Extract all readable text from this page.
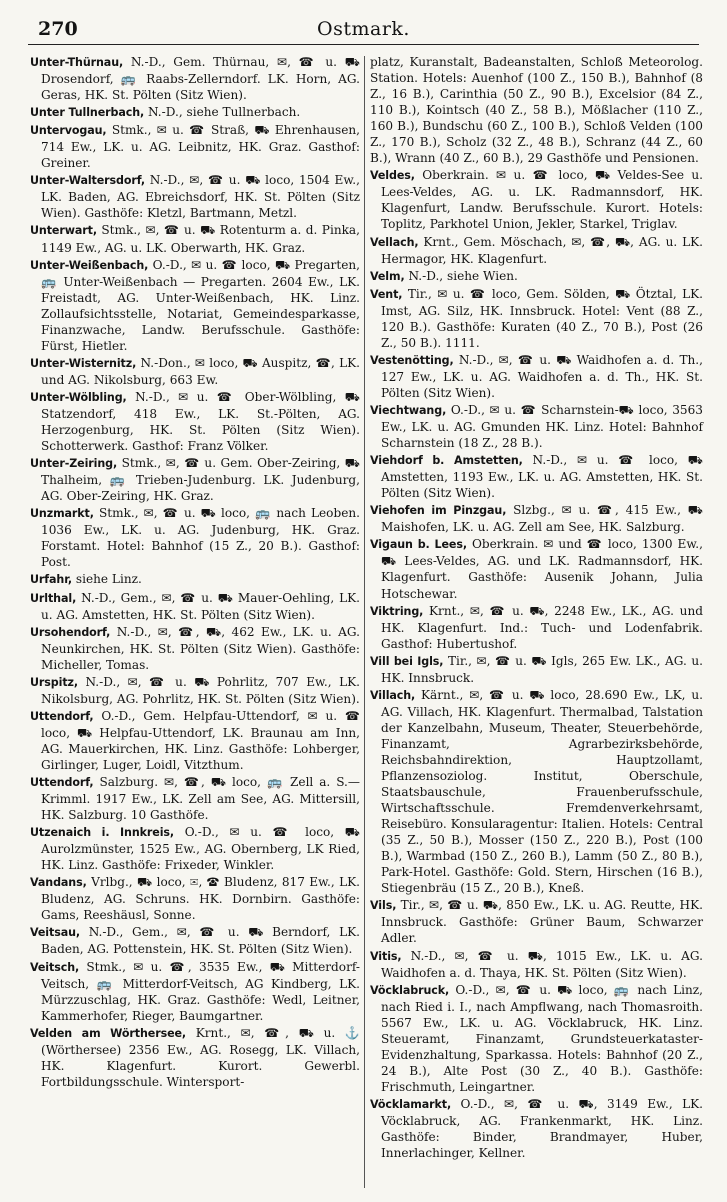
270	Ostmark.
Unter-Thürnau, N.-D., Gem. Thürnau, ✉, ☎ u. ⛟ Drosendorf, 🚌 Raabs-Zellerndorf. LK. Horn, AG. Geras, HK. St. Pölten (Sitz Wien).
Unter Tullnerbach, N.-D., siehe Tullnerbach.
Untervogau, Stmk., ✉ u. ☎ Straß, ⛟ Ehrenhausen, 714 Ew., LK. u. AG. Leibnitz, HK. Graz. Gasthof: Greiner.
Unter-Waltersdorf, N.-D., ✉, ☎ u. ⛟ loco, 1504 Ew., LK. Baden, AG. Ebreichsdorf, HK. St. Pölten (Sitz Wien). Gasthöfe: Kletzl, Bartmann, Metzl.
Unterwart, Stmk., ✉, ☎ u. ⛟ Rotenturm a. d. Pinka, 1149 Ew., AG. u. LK. Oberwarth, HK. Graz.
Unter-Weißenbach, O.-D., ✉ u. ☎ loco, ⛟ Pregarten, 🚌 Unter-Weißenbach — Pregarten. 2604 Ew., LK. Freistadt, AG. Unter-Weißenbach, HK. Linz. Zollaufsichtsstelle, Notariat, Gemeindesparkasse, Finanzwache, Landw. Berufsschule. Gasthöfe: Fürst, Hietler.
Unter-Wisternitz, N.-Don., ✉ loco, ⛟ Auspitz, ☎, LK. und AG. Nikolsburg, 663 Ew.
Unter-Wölbling, N.-D., ✉ u. ☎ Ober-Wölbling, ⛟ Statzendorf, 418 Ew., LK. St.-Pölten, AG. Herzogenburg, HK. St. Pölten (Sitz Wien). Schotterwerk. Gasthof: Franz Völker.
Unter-Zeiring, Stmk., ✉, ☎ u. Gem. Ober-Zeiring, ⛟ Thalheim, 🚌 Trieben-Judenburg. LK. Judenburg, AG. Ober-Zeiring, HK. Graz.
Unzmarkt, Stmk., ✉, ☎ u. ⛟ loco, 🚌 nach Leoben. 1036 Ew., LK. u. AG. Judenburg, HK. Graz. Forstamt. Hotel: Bahnhof (15 Z., 20 B.). Gasthof: Post.
Urfahr, siehe Linz.
Urlthal, N.-D., Gem., ✉, ☎ u. ⛟ Mauer-Oehling, LK. u. AG. Amstetten, HK. St. Pölten (Sitz Wien).
Ursohendorf, N.-D., ✉, ☎, ⛟, 462 Ew., LK. u. AG. Neunkirchen, HK. St. Pölten (Sitz Wien). Gasthöfe: Micheller, Tomas.
Urspitz, N.-D., ✉, ☎ u. ⛟ Pohrlitz, 707 Ew., LK. Nikolsburg, AG. Pohrlitz, HK. St. Pölten (Sitz Wien).
Uttendorf, O.-D., Gem. Helpfau-Uttendorf, ✉ u. ☎ loco, ⛟ Helpfau-Uttendorf, LK. Braunau am Inn, AG. Mauerkirchen, HK. Linz. Gasthöfe: Lohberger, Girlinger, Luger, Loidl, Vitzthum.
Uttendorf, Salzburg. ✉, ☎, ⛟ loco, 🚌 Zell a. S.—Krimml. 1917 Ew., LK. Zell am See, AG. Mittersill, HK. Salzburg. 10 Gasthöfe.
Utzenaich i. Innkreis, O.-D., ✉ u. ☎ loco, ⛟ Aurolzmünster, 1525 Ew., AG. Obernberg, LK Ried, HK. Linz. Gasthöfe: Frixeder, Winkler.
Vandans, Vrlbg., ⛟ loco, ✉, ☎ Bludenz, 817 Ew., LK. Bludenz, AG. Schruns. HK. Dornbirn. Gasthöfe: Gams, Reeshäusl, Sonne.
Veitsau, N.-D., Gem., ✉, ☎ u. ⛟ Berndorf, LK. Baden, AG. Pottenstein, HK. St. Pölten (Sitz Wien).
Veitsch, Stmk., ✉ u. ☎, 3535 Ew., ⛟ Mitterdorf-Veitsch, 🚌 Mitterdorf-Veitsch, AG Kindberg, LK. Mürzzuschlag, HK. Graz. Gasthöfe: Wedl, Leitner, Kammerhofer, Rieger, Baumgartner.
Velden am Wörthersee, Krnt., ✉, ☎, ⛟ u. ⚓ (Wörthersee) 2356 Ew., AG. Rosegg, LK. Villach, HK. Klagenfurt. Kurort. Gewerbl. Fortbildungsschule. Wintersport-
platz, Kuranstalt, Badeanstalten, Schloß Meteorolog. Station. Hotels: Auenhof (100 Z., 150 B.), Bahnhof (8 Z., 16 B.), Carinthia (50 Z., 90 B.), Excelsior (84 Z., 110 B.), Kointsch (40 Z., 58 B.), Mößlacher (110 Z., 160 B.), Bundschu (60 Z., 100 B.), Schloß Velden (100 Z., 170 B.), Scholz (32 Z., 48 B.), Schranz (44 Z., 60 B.), Wrann (40 Z., 60 B.), 29 Gasthöfe und Pensionen.
Veldes, Oberkrain. ✉ u. ☎ loco, ⛟ Veldes-See u. Lees-Veldes, AG. u. LK. Radmannsdorf, HK. Klagenfurt, Landw. Berufsschule. Kurort. Hotels: Toplitz, Parkhotel Union, Jekler, Starkel, Triglav.
Vellach, Krnt., Gem. Möschach, ✉, ☎, ⛟, AG. u. LK. Hermagor, HK. Klagenfurt.
Velm, N.-D., siehe Wien.
Vent, Tir., ✉ u. ☎ loco, Gem. Sölden, ⛟ Ötztal, LK. Imst, AG. Silz, HK. Innsbruck. Hotel: Vent (88 Z., 120 B.). Gasthöfe: Kuraten (40 Z., 70 B.), Post (26 Z., 50 B.). 1111.
Vestenötting, N.-D., ✉, ☎ u. ⛟ Waidhofen a. d. Th., 127 Ew., LK. u. AG. Waidhofen a. d. Th., HK. St. Pölten (Sitz Wien).
Viechtwang, O.-D., ✉ u. ☎ Scharnstein-⛟ loco, 3563 Ew., LK. u. AG. Gmunden HK. Linz. Hotel: Bahnhof Scharnstein (18 Z., 28 B.).
Viehdorf b. Amstetten, N.-D., ✉ u. ☎ loco, ⛟ Amstetten, 1193 Ew., LK. u. AG. Amstetten, HK. St. Pölten (Sitz Wien).
Viehofen im Pinzgau, Slzbg., ✉ u. ☎, 415 Ew., ⛟ Maishofen, LK. u. AG. Zell am See, HK. Salzburg.
Vigaun b. Lees, Oberkrain. ✉ und ☎ loco, 1300 Ew., ⛟ Lees-Veldes, AG. und LK. Radmannsdorf, HK. Klagenfurt. Gasthöfe: Ausenik Johann, Julia Hotschewar.
Viktring, Krnt., ✉, ☎ u. ⛟, 2248 Ew., LK., AG. und HK. Klagenfurt. Ind.: Tuch- und Lodenfabrik. Gasthof: Hubertushof.
Vill bei Igls, Tir., ✉, ☎ u. ⛟ Igls, 265 Ew. LK., AG. u. HK. Innsbruck.
Villach, Kärnt., ✉, ☎ u. ⛟ loco, 28.690 Ew., LK, u. AG. Villach, HK. Klagenfurt. Thermalbad, Talstation der Kanzelbahn, Museum, Theater, Steuerbehörde, Finanzamt, Agrarbezirksbehörde, Reichsbahndirektion, Hauptzollamt, Pflanzensoziolog. Institut, Oberschule, Staatsbauschule, Frauenberufsschule, Wirtschaftsschule. Fremdenverkehrsamt, Reisebüro. Konsularagentur: Italien. Hotels: Central (35 Z., 50 B.), Mosser (150 Z., 220 B.), Post (100 B.), Warmbad (150 Z., 260 B.), Lamm (50 Z., 80 B.), Park-Hotel. Gasthöfe: Gold. Stern, Hirschen (16 B.), Stiegenbräu (15 Z., 20 B.), Kneß.
Vils, Tir., ✉, ☎ u. ⛟, 850 Ew., LK. u. AG. Reutte, HK. Innsbruck. Gasthöfe: Grüner Baum, Schwarzer Adler.
Vitis, N.-D., ✉, ☎ u. ⛟, 1015 Ew., LK. u. AG. Waidhofen a. d. Thaya, HK. St. Pölten (Sitz Wien).
Vöcklabruck, O.-D., ✉, ☎ u. ⛟ loco, 🚌 nach Linz, nach Ried i. I., nach Ampflwang, nach Thomasroith. 5567 Ew., LK. u. AG. Vöcklabruck, HK. Linz. Steueramt, Finanzamt, Grundsteuerkataster-Evidenzhaltung, Sparkassa. Hotels: Bahnhof (20 Z., 24 B.), Alte Post (30 Z., 40 B.). Gasthöfe: Frischmuth, Leingartner.
Vöcklamarkt, O.-D., ✉, ☎ u. ⛟, 3149 Ew., LK. Vöcklabruck, AG. Frankenmarkt, HK. Linz. Gasthöfe: Binder, Brandmayer, Huber, Innerlachinger, Kellner.
